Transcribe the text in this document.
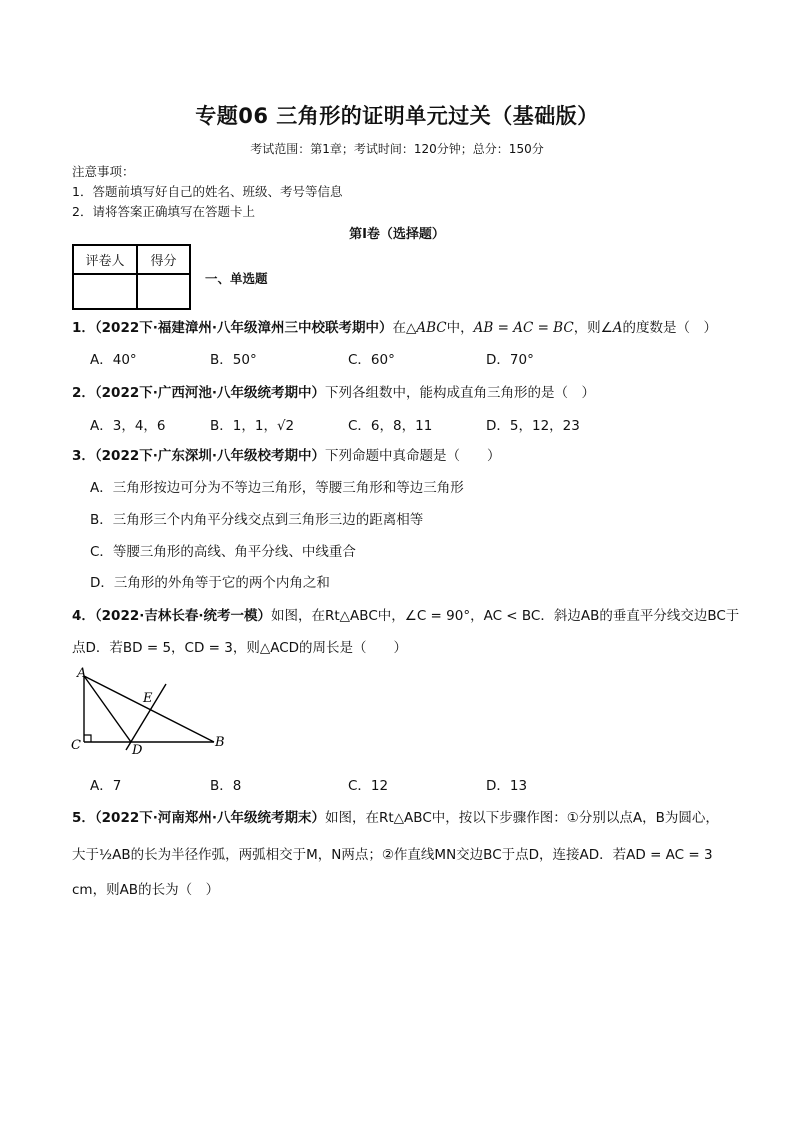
专题06 三角形的证明单元过关（基础版）
考试范围：第1章；考试时间：120分钟；总分：150分
注意事项：
1．答题前填写好自己的姓名、班级、考号等信息
2．请将答案正确填写在答题卡上
第I卷（选择题）
评卷人	得分

一、单选题
1．（2022下·福建漳州·八年级漳州三中校联考期中）在△ABC中，AB = AC = BC，则∠A的度数是（　）
A．40°	B．50°	C．60°	D．70°
2．（2022下·广西河池·八年级统考期中）下列各组数中，能构成直角三角形的是（　）
A．3，4，6	B．1，1，√2	C．6，8，11	D．5，12，23
3．（2022下·广东深圳·八年级校考期中）下列命题中真命题是（　　）
A．三角形按边可分为不等边三角形，等腰三角形和等边三角形
B．三角形三个内角平分线交点到三角形三边的距离相等
C．等腰三角形的高线、角平分线、中线重合
D．三角形的外角等于它的两个内角之和
4．（2022·吉林长春·统考一模）如图，在Rt△ABC中，∠C = 90°，AC < BC．斜边AB的垂直平分线交边BC于
点D．若BD = 5，CD = 3，则△ACD的周长是（　　）
A
C	D
E
B
A．7	B．8	C．12	D．13
5．（2022下·河南郑州·八年级统考期末）如图，在Rt△ABC中，按以下步骤作图：①分别以点A，B为圆心，
大于½AB的长为半径作弧，两弧相交于M，N两点；②作直线MN交边BC于点D，连接AD．若AD = AC = 3
cm，则AB的长为（　）
